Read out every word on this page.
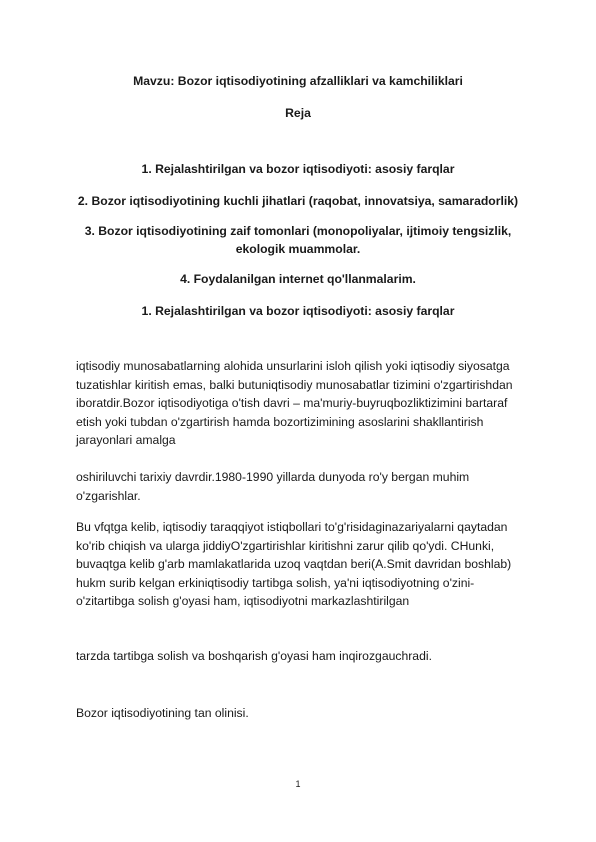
Mavzu: Bozor iqtisodiyotining afzalliklari va kamchiliklari
Reja
1. Rejalashtirilgan va bozor iqtisodiyoti: asosiy farqlar
2. Bozor iqtisodiyotining kuchli jihatlari (raqobat, innovatsiya, samaradorlik)
3. Bozor iqtisodiyotining zaif tomonlari (monopoliyalar, ijtimoiy tengsizlik, ekologik muammolar.
4. Foydalanilgan internet qo'llanmalarim.
1. Rejalashtirilgan va bozor iqtisodiyoti: asosiy farqlar
iqtisodiy munosabatlarning alohida unsurlarini isloh qilish yoki iqtisodiy siyosatga tuzatishlar kiritish emas, balki butuniqtisodiy munosabatlar tizimini o'zgartirishdan iboratdir.Bozor iqtisodiyotiga o'tish davri – ma'muriy-buyruqbozliktizimini bartaraf etish yoki tubdan o'zgartirish hamda bozortizimining asoslarini shakllantirish jarayonlari amalga
oshiriluvchi tarixiy davrdir.1980-1990 yillarda dunyoda ro'y bergan muhim o'zgarishlar.
Bu vfqtga kelib, iqtisodiy taraqqiyot istiqbollari to'g'risidaginazariyalarni qaytadan ko'rib chiqish va ularga jiddiyO'zgartirishlar kiritishni zarur qilib qo'ydi. CHunki, buvaqtga kelib g'arb mamlakatlarida uzoq vaqtdan beri(A.Smit davridan boshlab) hukm surib kelgan erkiniqtisodiy tartibga solish, ya'ni iqtisodiyotning o'zini-o'zitartibga solish g'oyasi ham, iqtisodiyotni markazlashtirilgan
tarzda tartibga solish va boshqarish g'oyasi ham inqirozgauchradi.
Bozor iqtisodiyotining tan olinisi.
1
